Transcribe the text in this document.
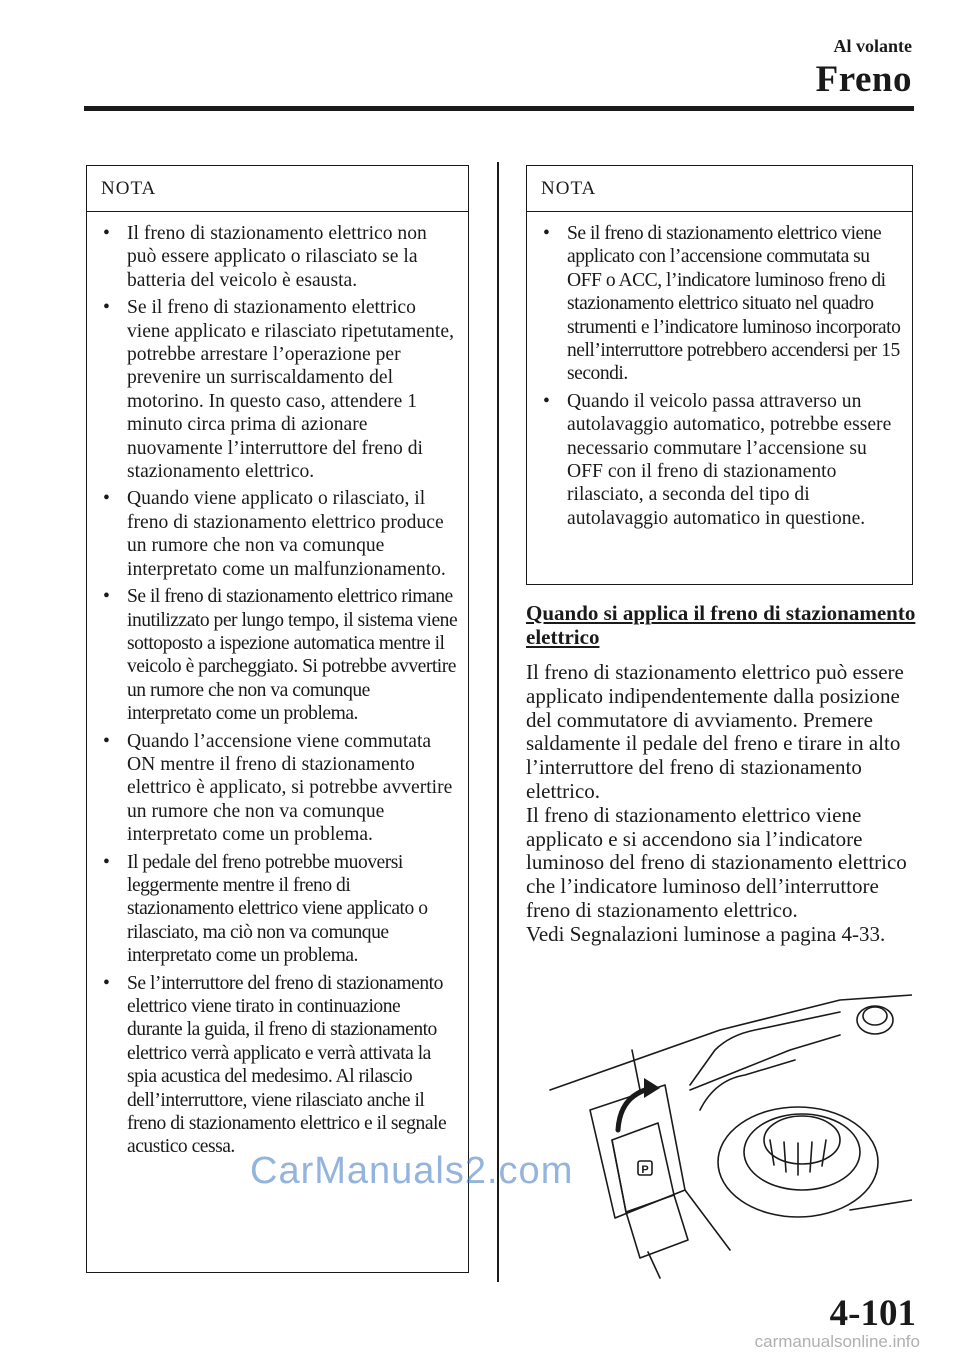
Al volante
Freno
NOTA
• Il freno di stazionamento elettrico non può essere applicato o rilasciato se la batteria del veicolo è esausta.
• Se il freno di stazionamento elettrico viene applicato e rilasciato ripetutamente, potrebbe arrestare l’operazione per prevenire un surriscaldamento del motorino. In questo caso, attendere 1 minuto circa prima di azionare nuovamente l’interruttore del freno di stazionamento elettrico.
• Quando viene applicato o rilasciato, il freno di stazionamento elettrico produce un rumore che non va comunque interpretato come un malfunzionamento.
• Se il freno di stazionamento elettrico rimane inutilizzato per lungo tempo, il sistema viene sottoposto a ispezione automatica mentre il veicolo è parcheggiato. Si potrebbe avvertire un rumore che non va comunque interpretato come un problema.
• Quando l’accensione viene commutata ON mentre il freno di stazionamento elettrico è applicato, si potrebbe avvertire un rumore che non va comunque interpretato come un problema.
• Il pedale del freno potrebbe muoversi leggermente mentre il freno di stazionamento elettrico viene applicato o rilasciato, ma ciò non va comunque interpretato come un problema.
• Se l’interruttore del freno di stazionamento elettrico viene tirato in continuazione durante la guida, il freno di stazionamento elettrico verrà applicato e verrà attivata la spia acustica del medesimo. Al rilascio dell’interruttore, viene rilasciato anche il freno di stazionamento elettrico e il segnale acustico cessa.
NOTA
• Se il freno di stazionamento elettrico viene applicato con l’accensione commutata su OFF o ACC, l’indicatore luminoso freno di stazionamento elettrico situato nel quadro strumenti e l’indicatore luminoso incorporato nell’interruttore potrebbero accendersi per 15 secondi.
• Quando il veicolo passa attraverso un autolavaggio automatico, potrebbe essere necessario commutare l’accensione su OFF con il freno di stazionamento rilasciato, a seconda del tipo di autolavaggio automatico in questione.
Quando si applica il freno di stazionamento elettrico
Il freno di stazionamento elettrico può essere applicato indipendentemente dalla posizione del commutatore di avviamento. Premere saldamente il pedale del freno e tirare in alto l’interruttore del freno di stazionamento elettrico.
Il freno di stazionamento elettrico viene applicato e si accendono sia l’indicatore luminoso del freno di stazionamento elettrico che l’indicatore luminoso dell’interruttore freno di stazionamento elettrico.
Vedi Segnalazioni luminose a pagina 4-33.
P
CarManuals2.com
4-101
carmanualsonline.info
